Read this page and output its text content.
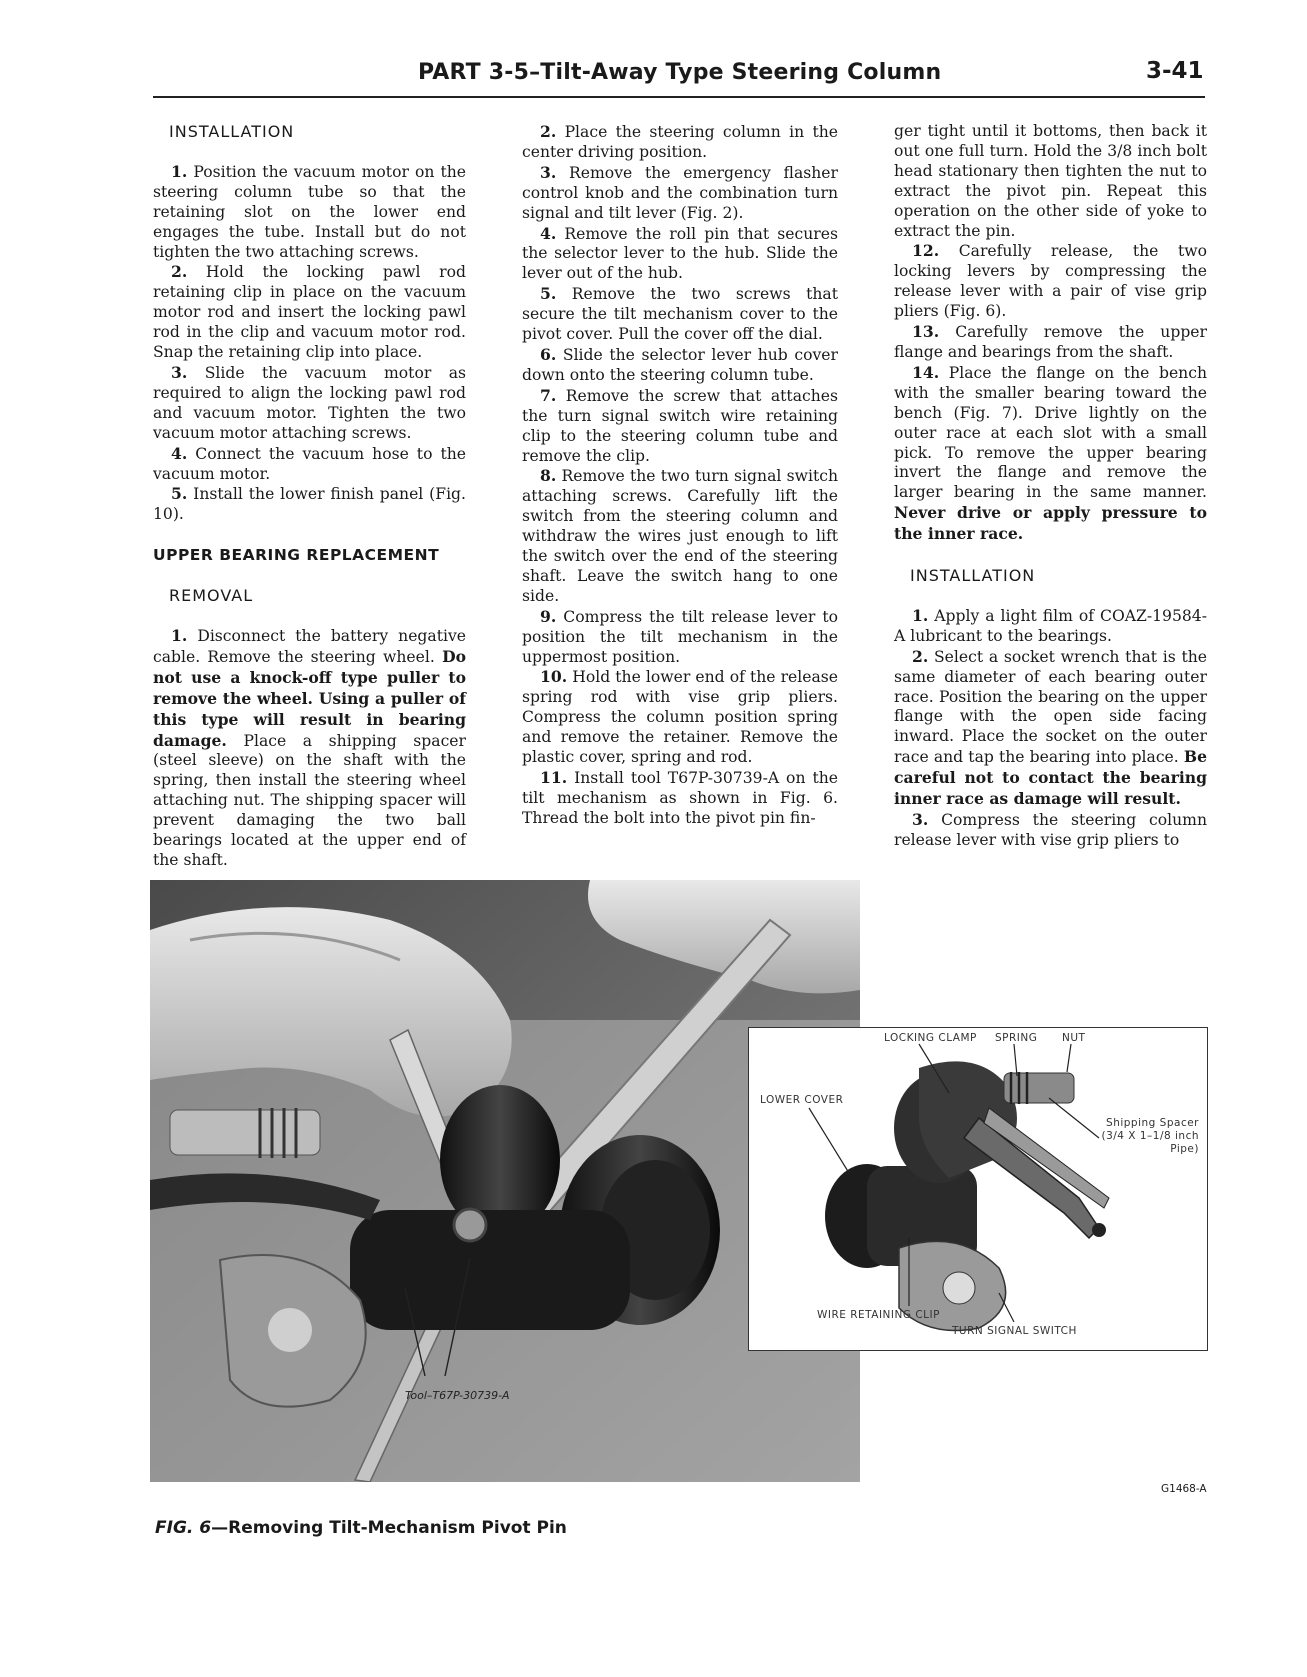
PART 3-5–Tilt-Away Type Steering Column	3-41
INSTALLATION

1. Position the vacuum motor on the steering column tube so that the retaining slot on the lower end engages the tube. Install but do not tighten the two attaching screws.

2. Hold the locking pawl rod retaining clip in place on the vacuum motor rod and insert the locking pawl rod in the clip and vacuum motor rod. Snap the retaining clip into place.

3. Slide the vacuum motor as required to align the locking pawl rod and vacuum motor. Tighten the two vacuum motor attaching screws.

4. Connect the vacuum hose to the vacuum motor.

5. Install the lower finish panel (Fig. 10).

UPPER BEARING REPLACEMENT
REMOVAL

1. Disconnect the battery negative cable. Remove the steering wheel. Do not use a knock-off type puller to remove the wheel. Using a puller of this type will result in bearing damage. Place a shipping spacer (steel sleeve) on the shaft with the spring, then install the steering wheel attaching nut. The shipping spacer will prevent damaging the two ball bearings located at the upper end of the shaft.

2. Place the steering column in the center driving position.

3. Remove the emergency flasher control knob and the combination turn signal and tilt lever (Fig. 2).

4. Remove the roll pin that secures the selector lever to the hub. Slide the lever out of the hub.

5. Remove the two screws that secure the tilt mechanism cover to the pivot cover. Pull the cover off the dial.

6. Slide the selector lever hub cover down onto the steering column tube.

7. Remove the screw that attaches the turn signal switch wire retaining clip to the steering column tube and remove the clip.

8. Remove the two turn signal switch attaching screws. Carefully lift the switch from the steering column and withdraw the wires just enough to lift the switch over the end of the steering shaft. Leave the switch hang to one side.

9. Compress the tilt release lever to position the tilt mechanism in the uppermost position.

10. Hold the lower end of the release spring rod with vise grip pliers. Compress the column position spring and remove the retainer. Remove the plastic cover, spring and rod.

11. Install tool T67P-30739-A on the tilt mechanism as shown in Fig. 6. Thread the bolt into the pivot pin fin-

ger tight until it bottoms, then back it out one full turn. Hold the 3/8 inch bolt head stationary then tighten the nut to extract the pivot pin. Repeat this operation on the other side of yoke to extract the pin.

12. Carefully release, the two locking levers by compressing the release lever with a pair of vise grip pliers (Fig. 6).

13. Carefully remove the upper flange and bearings from the shaft.

14. Place the flange on the bench with the smaller bearing toward the bench (Fig. 7). Drive lightly on the outer race at each slot with a small pick. To remove the upper bearing invert the flange and remove the larger bearing in the same manner. Never drive or apply pressure to the inner race.

INSTALLATION

1. Apply a light film of COAZ-19584-A lubricant to the bearings.

2. Select a socket wrench that is the same diameter of each bearing outer race. Position the bearing on the upper flange with the open side facing inward. Place the socket on the outer race and tap the bearing into place. Be careful not to contact the bearing inner race as damage will result.

3. Compress the steering column release lever with vise grip pliers to

Tool–T67P-30739-A
LOCKING CLAMP SPRING NUT
LOWER COVER
Shipping Spacer
(3/4 X 1–1/8 inch
Pipe)
WIRE RETAINING CLIP
TURN SIGNAL SWITCH
G1468-A
FIG. 6—Removing Tilt-Mechanism Pivot Pin
